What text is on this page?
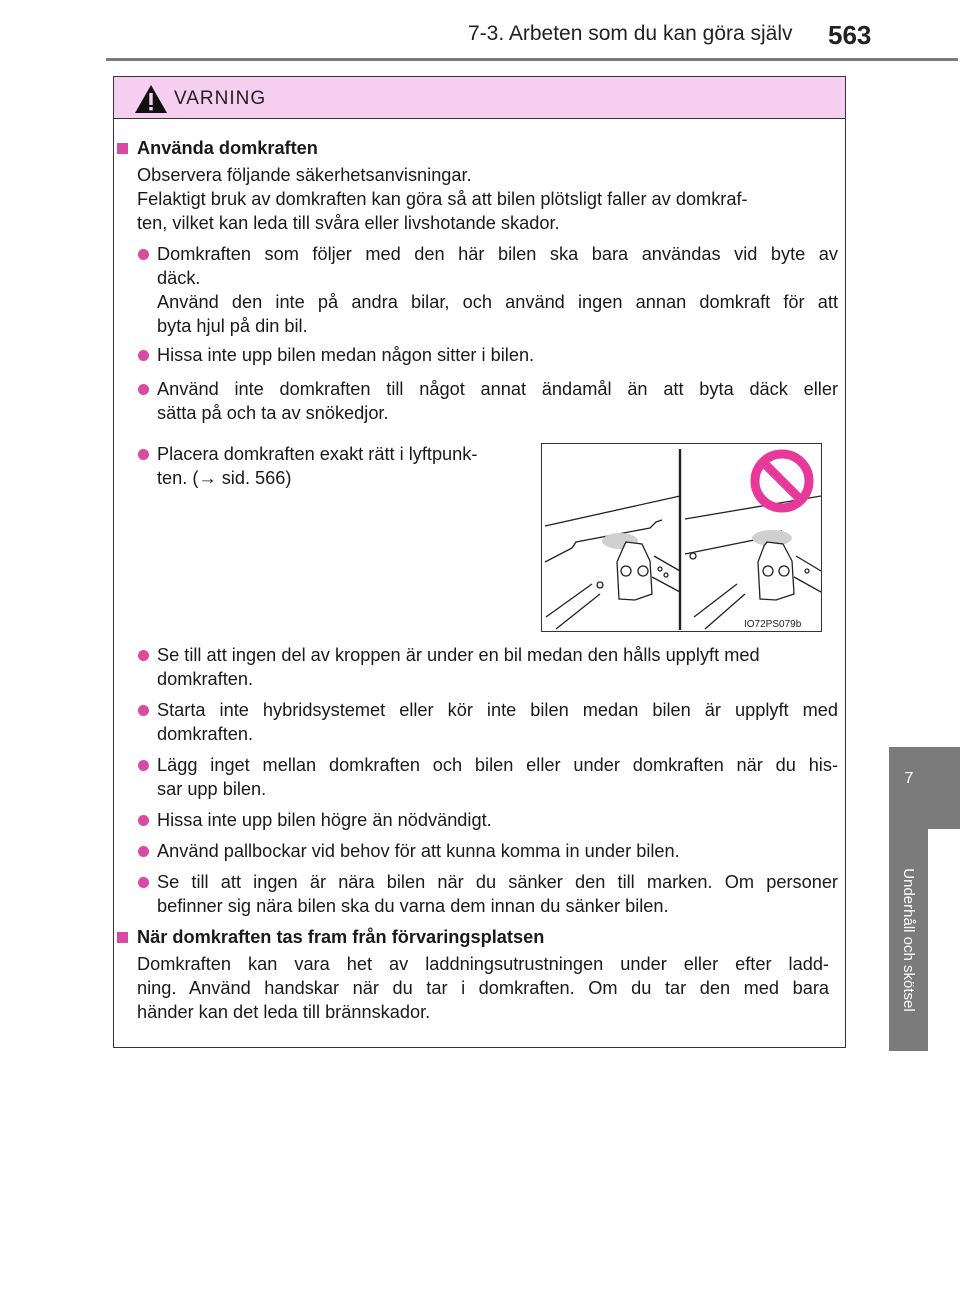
7-3. Arbeten som du kan göra själv 563
7
Underhåll och skötsel
VARNING
Använda domkraften
Observera följande säkerhetsanvisningar.
Felaktigt bruk av domkraften kan göra så att bilen plötsligt faller av domkraf-
ten, vilket kan leda till svåra eller livshotande skador.
Domkraften som följer med den här bilen ska bara användas vid byte av
däck.
Använd den inte på andra bilar, och använd ingen annan domkraft för att
byta hjul på din bil.
Hissa inte upp bilen medan någon sitter i bilen.
Använd inte domkraften till något annat ändamål än att byta däck eller
sätta på och ta av snökedjor.
Placera domkraften exakt rätt i lyftpunk-
ten. (→ sid. 566)
IO72PS079b
Se till att ingen del av kroppen är under en bil medan den hålls upplyft med
domkraften.
Starta inte hybridsystemet eller kör inte bilen medan bilen är upplyft med
domkraften.
Lägg inget mellan domkraften och bilen eller under domkraften när du his-
sar upp bilen.
Hissa inte upp bilen högre än nödvändigt.
Använd pallbockar vid behov för att kunna komma in under bilen.
Se till att ingen är nära bilen när du sänker den till marken. Om personer
befinner sig nära bilen ska du varna dem innan du sänker bilen.
När domkraften tas fram från förvaringsplatsen
Domkraften kan vara het av laddningsutrustningen under eller efter ladd-
ning. Använd handskar när du tar i domkraften. Om du tar den med bara
händer kan det leda till brännskador.
